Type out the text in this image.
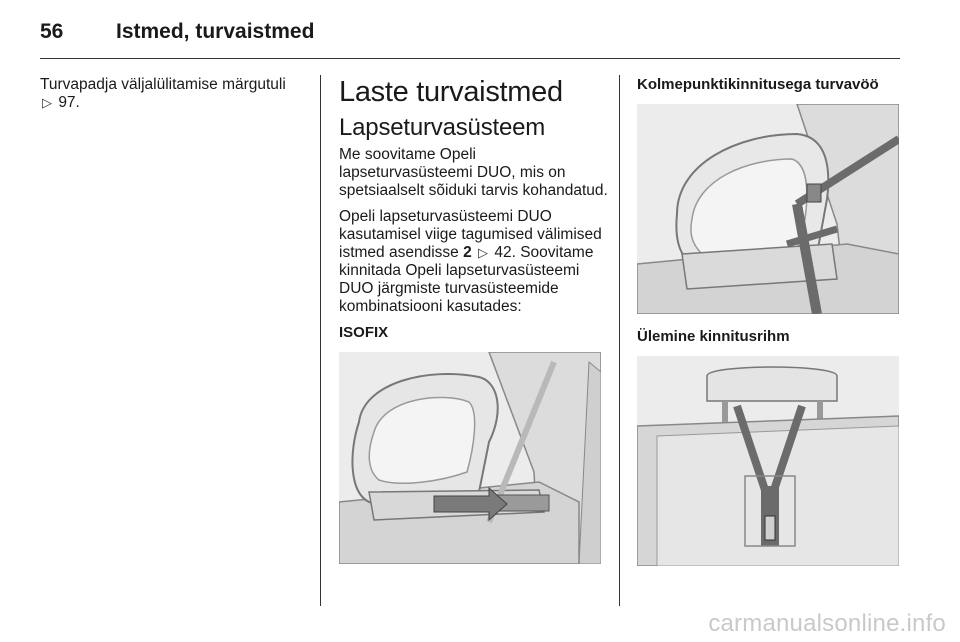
56	Istmed, turvaistmed

Turvapadja väljalülitamise märgutuli
▷ 97.	Laste turvaistmed
Lapseturvasüsteem

Me soovitame Opeli lapseturvasüsteemi DUO, mis on spetsiaalselt sõiduki tarvis kohandatud.

Opeli lapseturvasüsteemi DUO kasutamisel viige tagumised välimised istmed asendisse 2 ▷ 42. Soovitame kinnitada Opeli lapseturvasüsteemi DUO järgmiste turvasüsteemide kombinatsiooni kasutades:

ISOFIX
Kolmepunktikinnitusega turvavöö
Ülemine kinnitusrihm
carmanualsonline.info
